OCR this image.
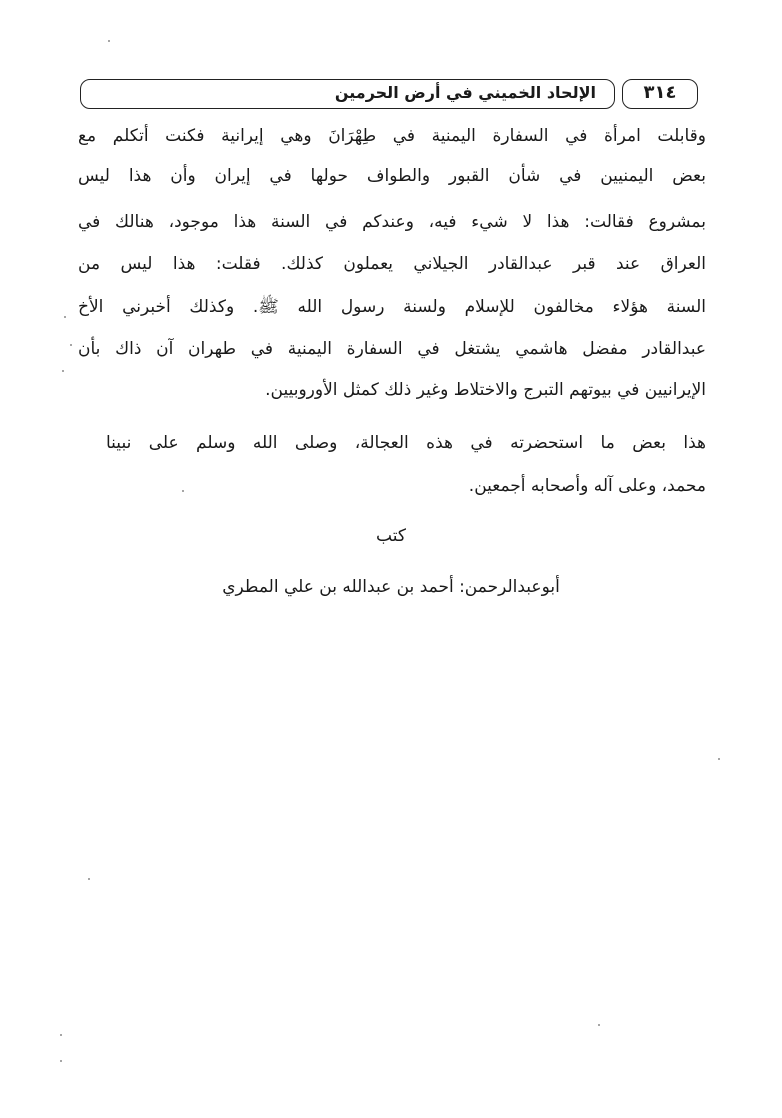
الإلحاد الخميني في أرض الحرمين	٣١٤
وقابلت امرأة في السفارة اليمنية في طِهْرَانَ وهي إيرانية فكنت أتكلم مع
بعض اليمنيين في شأن القبور والطواف حولها في إيران وأن هذا ليس
بمشروع فقالت: هذا لا شيء فيه، وعندكم في السنة هذا موجود، هنالك في
العراق عند قبر عبدالقادر الجيلاني يعملون كذلك. فقلت: هذا ليس من
السنة هؤلاء مخالفون للإسلام ولسنة رسول الله ﷺ. وكذلك أخبرني الأخ
عبدالقادر مفضل هاشمي يشتغل في السفارة اليمنية في طهران آن ذاك بأن
الإيرانيين في بيوتهم التبرج والاختلاط وغير ذلك كمثل الأوروبيين.
هذا بعض ما استحضرته في هذه العجالة، وصلى الله وسلم على نبينا
محمد، وعلى آله وأصحابه أجمعين.
كتب
أبوعبدالرحمن: أحمد بن عبدالله بن علي المطري
